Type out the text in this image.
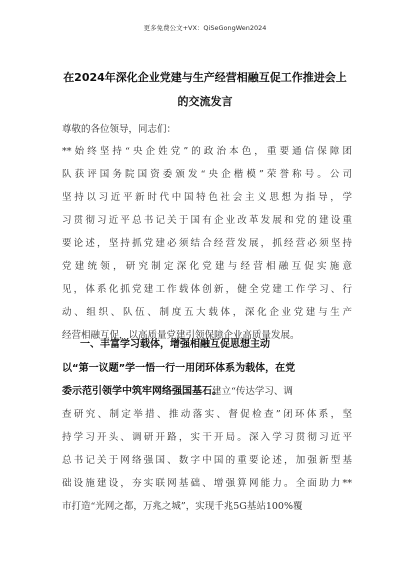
更多免费公文+VX：QiSeGongWen2024
在2024年深化企业党建与生产经营相融互促工作推进会上
的交流发言
尊敬的各位领导，同志们：
**始终坚持“央企姓党”的政治本色，重要通信保障团
队获评国务院国资委颁发“央企楷模”荣誉称号。公司
坚持以习近平新时代中国特色社会主义思想为指导，学
习贯彻习近平总书记关于国有企业改革发展和党的建设重
要论述，坚持抓党建必须结合经营发展，抓经营必须坚持
党建统领，研究制定深化党建与经营相融互促实施意
见，体系化抓党建工作载体创新，健全党建工作学习、行
动、组织、队伍、制度五大载体，深化企业党建与生产
经营相融互促，以高质量党建引领保障企业高质量发展。
一、丰富学习载体，增强相融互促思想主动
以“第一议题”学一悟一行一用闭环体系为载体，在党
委示范引领学中筑牢网络强国基石。
查研究、制定举措、推动落实、督促检查”闭环体系，坚
持学习开头、调研开路，实干开局。深入学习贯彻习近平
总书记关于网络强国、数字中国的重要论述，加强新型基
础设施建设，夯实联网基础、增强算网能力。全面助力**
市打造“光网之都，万兆之城”，实现千兆5G基站100%覆
建立“传达学习、调
